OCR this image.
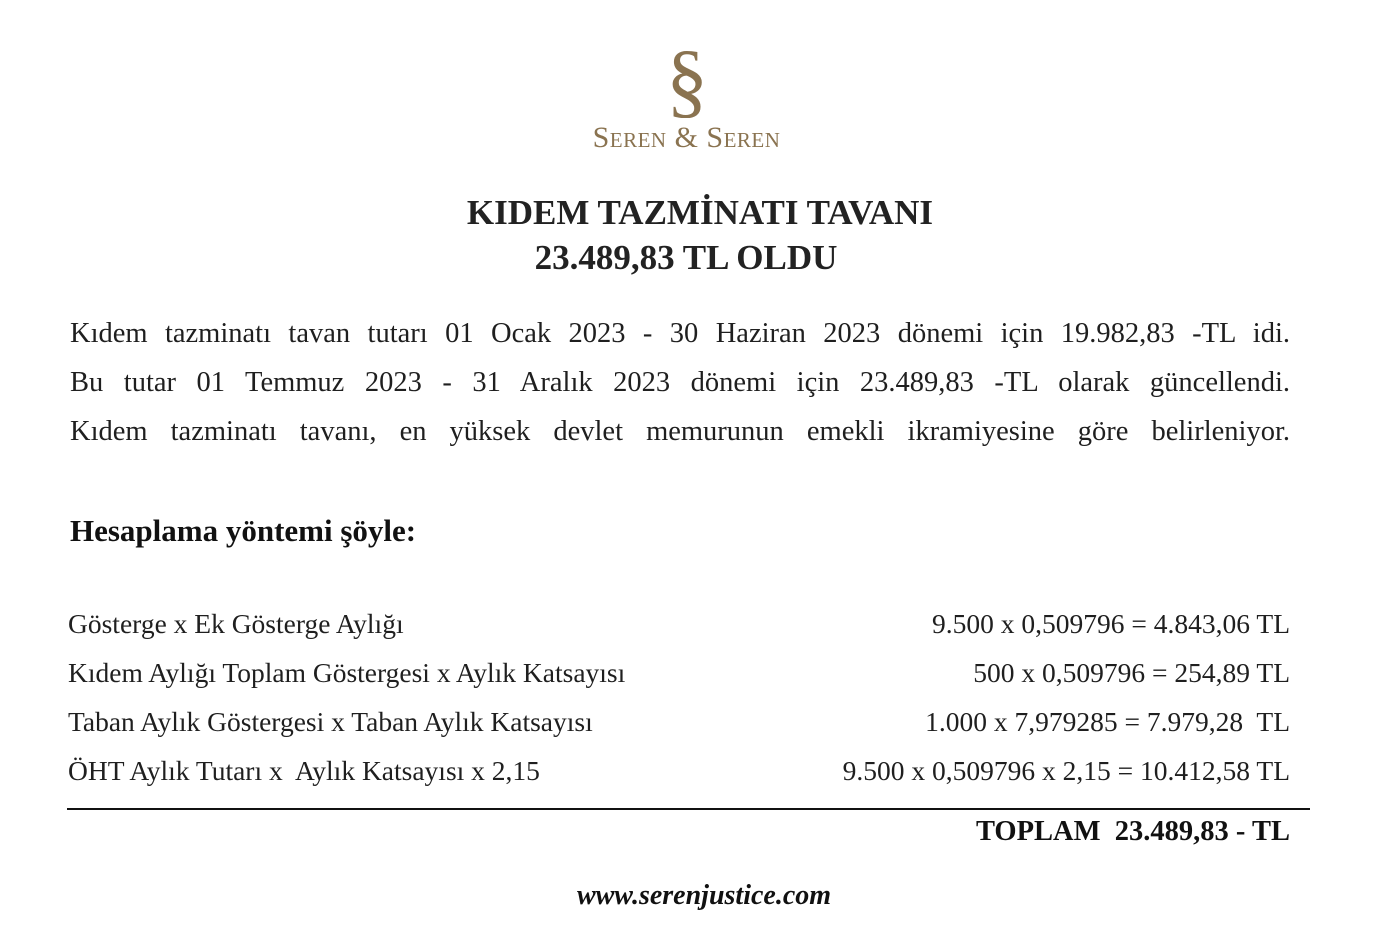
§
Seren & Seren
KIDEM TAZMİNATI TAVANI
23.489,83 TL OLDU
Kıdem tazminatı tavan tutarı 01 Ocak 2023 - 30 Haziran 2023 dönemi için 19.982,83 -TL idi.
Bu tutar 01 Temmuz 2023 - 31 Aralık 2023 dönemi için 23.489,83 -TL olarak güncellendi.
Kıdem tazminatı tavanı, en yüksek devlet memurunun emekli ikramiyesine göre belirleniyor.
Hesaplama yöntemi şöyle:
Gösterge x Ek Gösterge Aylığı	9.500 x 0,509796 = 4.843,06 TL
Kıdem Aylığı Toplam Göstergesi x Aylık Katsayısı	500 x 0,509796 = 254,89 TL
Taban Aylık Göstergesi x Taban Aylık Katsayısı	1.000 x 7,979285 = 7.979,28  TL
ÖHT Aylık Tutarı x  Aylık Katsayısı x 2,15	9.500 x 0,509796 x 2,15 = 10.412,58 TL
TOPLAM  23.489,83 - TL
www.serenjustice.com
